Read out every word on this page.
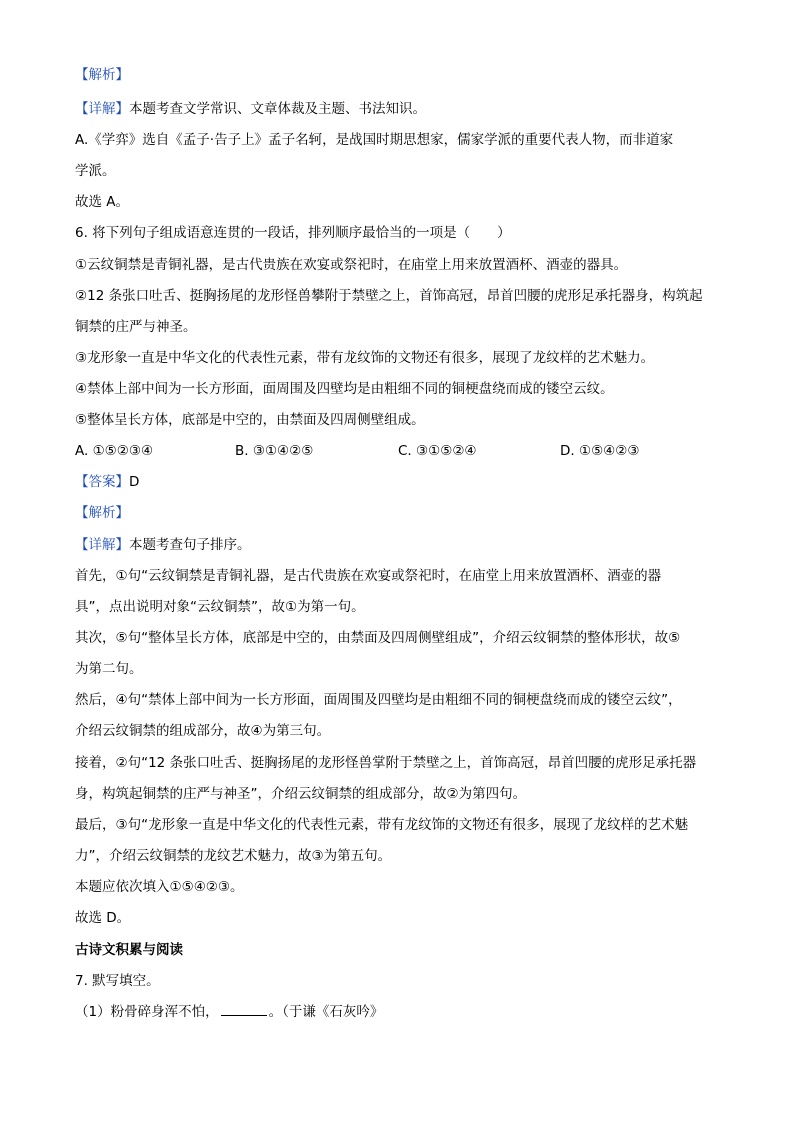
【解析】
【详解】本题考查文学常识、文章体裁及主题、书法知识。
A.《学弈》选自《孟子·告子上》孟子名轲，是战国时期思想家，儒家学派的重要代表人物，而非道家
学派。
故选 A。
6. 将下列句子组成语意连贯的一段话，排列顺序最恰当的一项是（　　）
①云纹铜禁是青铜礼器，是古代贵族在欢宴或祭祀时，在庙堂上用来放置酒杯、酒壶的器具。
②12 条张口吐舌、挺胸扬尾的龙形怪兽攀附于禁壁之上，首饰高冠，昂首凹腰的虎形足承托器身，构筑起
铜禁的庄严与神圣。
③龙形象一直是中华文化的代表性元素，带有龙纹饰的文物还有很多，展现了龙纹样的艺术魅力。
④禁体上部中间为一长方形面，面周围及四壁均是由粗细不同的铜梗盘绕而成的镂空云纹。
⑤整体呈长方体，底部是中空的，由禁面及四周侧壁组成。
A. ①⑤②③④	B. ③①④②⑤	C. ③①⑤②④	D. ①⑤④②③
【答案】D
【解析】
【详解】本题考查句子排序。
首先，①句“云纹铜禁是青铜礼器，是古代贵族在欢宴或祭祀时，在庙堂上用来放置酒杯、酒壶的器
具”，点出说明对象“云纹铜禁”，故①为第一句。
其次，⑤句“整体呈长方体，底部是中空的，由禁面及四周侧壁组成”，介绍云纹铜禁的整体形状，故⑤
为第二句。
然后，④句“禁体上部中间为一长方形面，面周围及四壁均是由粗细不同的铜梗盘绕而成的镂空云纹”，
介绍云纹铜禁的组成部分，故④为第三句。
接着，②句“12 条张口吐舌、挺胸扬尾的龙形怪兽掌附于禁壁之上，首饰高冠，昂首凹腰的虎形足承托器
身，构筑起铜禁的庄严与神圣”，介绍云纹铜禁的组成部分，故②为第四句。
最后，③句“龙形象一直是中华文化的代表性元素，带有龙纹饰的文物还有很多，展现了龙纹样的艺术魅
力”，介绍云纹铜禁的龙纹艺术魅力，故③为第五句。
本题应依次填入①⑤④②③。
故选 D。
古诗文积累与阅读
7. 默写填空。
（1）粉骨碎身浑不怕，	。（于谦《石灰吟》
